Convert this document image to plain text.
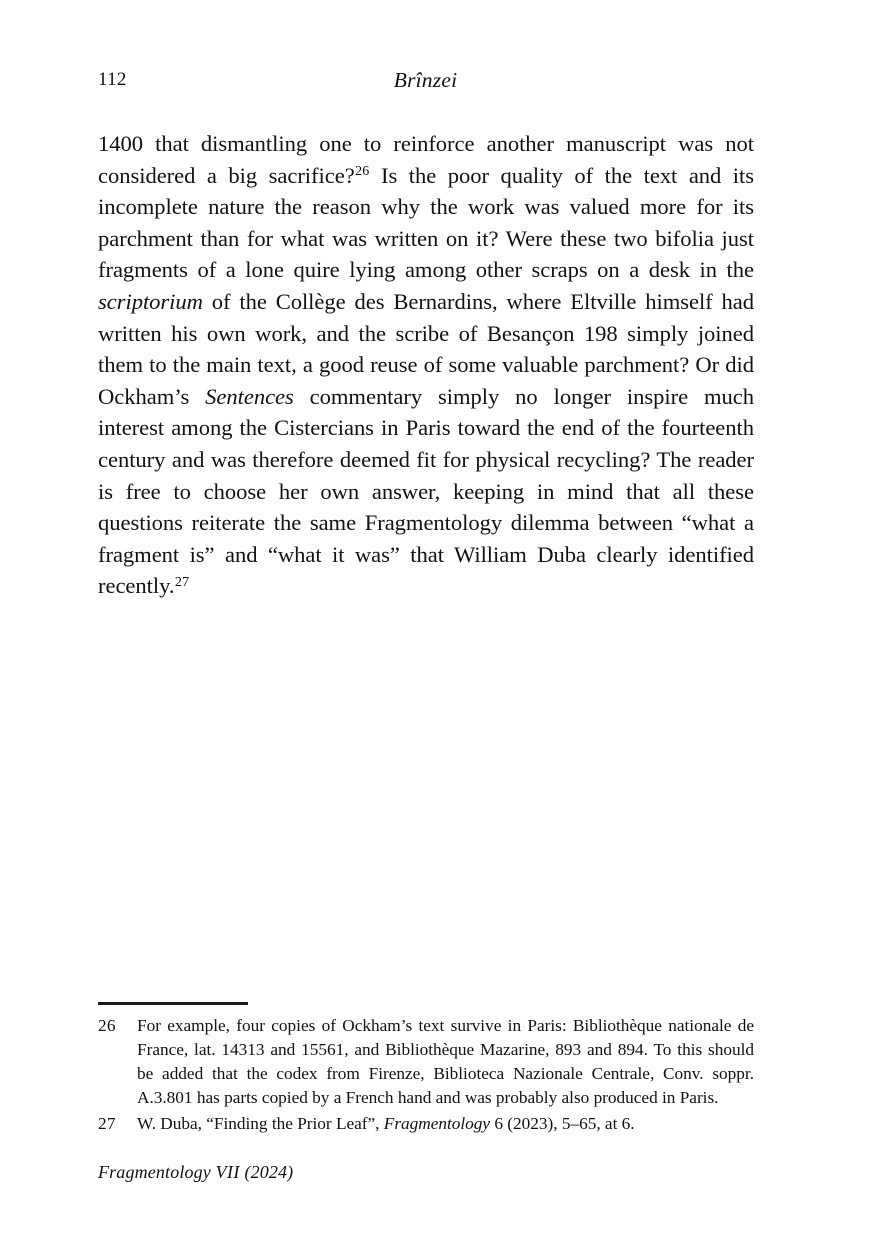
112	Brînzei

1400 that dismantling one to reinforce another manuscript was not considered a big sacrifice?$^{26}$ Is the poor quality of the text and its incomplete nature the reason why the work was valued more for its parchment than for what was written on it? Were these two bifolia just fragments of a lone quire lying among other scraps on a desk in the scriptorium of the Collège des Bernardins, where Eltville himself had written his own work, and the scribe of Besançon 198 simply joined them to the main text, a good reuse of some valuable parchment? Or did Ockham’s Sentences commentary simply no longer inspire much interest among the Cistercians in Paris toward the end of the fourteenth century and was therefore deemed fit for physical recycling? The reader is free to choose her own answer, keeping in mind that all these questions reiterate the same Fragmentology dilemma between “what a fragment is” and “what it was” that William Duba clearly identified recently.$^{27}$

26 For example, four copies of Ockham’s text survive in Paris: Bibliothèque nationale de France, lat. 14313 and 15561, and Bibliothèque Mazarine, 893 and 894. To this should be added that the codex from Firenze, Biblioteca Nazionale Centrale, Conv. soppr. A.3.801 has parts copied by a French hand and was probably also produced in Paris.
27 W. Duba, “Finding the Prior Leaf”, Fragmentology 6 (2023), 5–65, at 6.
Fragmentology VII (2024)
